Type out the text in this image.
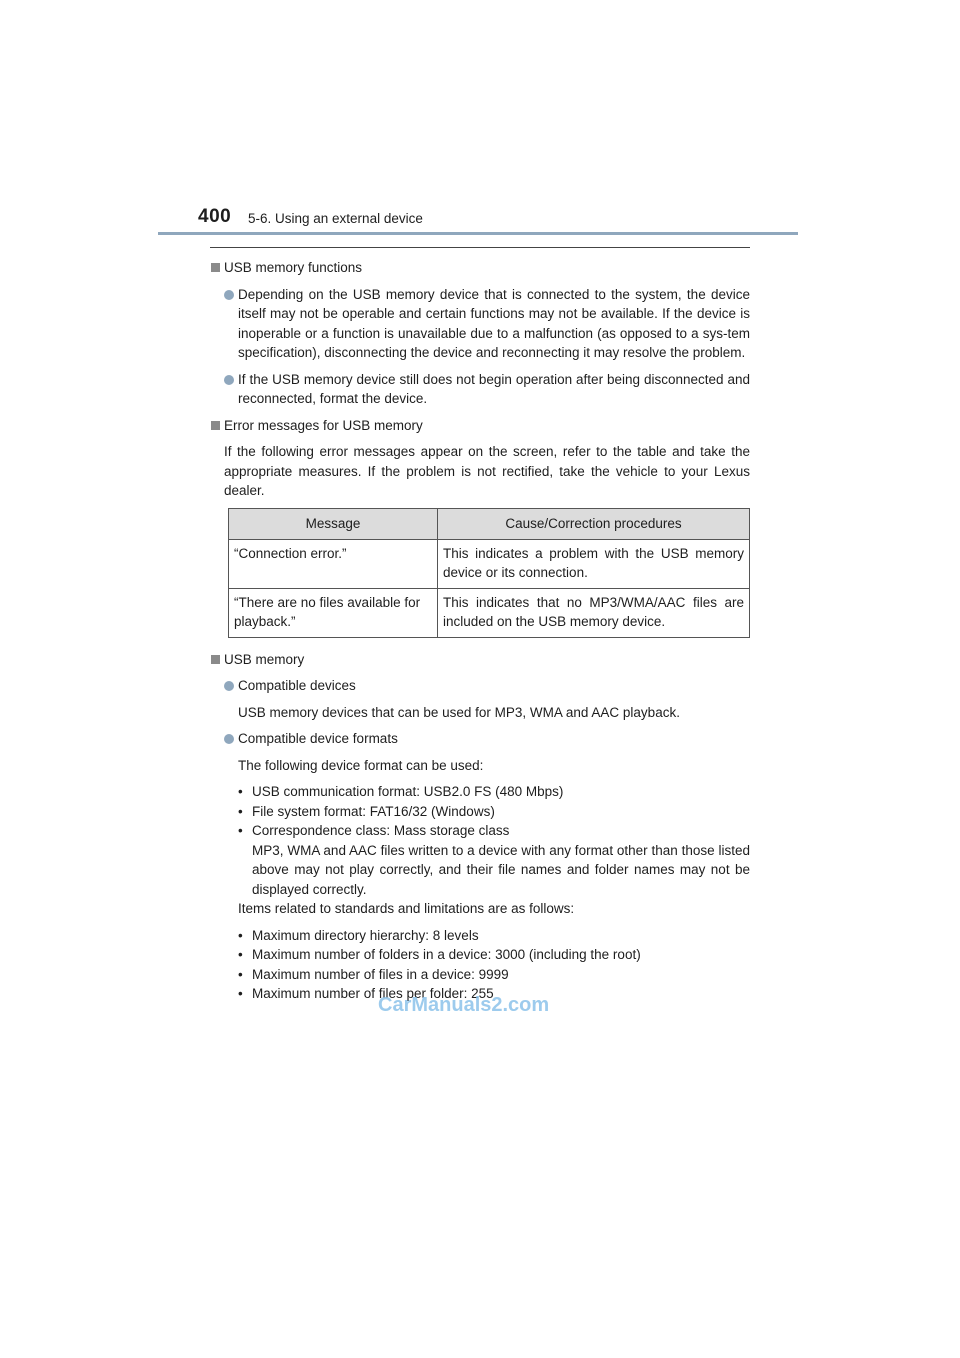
400 5-6. Using an external device
USB memory functions
Depending on the USB memory device that is connected to the system, the device itself may not be operable and certain functions may not be available. If the device is inoperable or a function is unavailable due to a malfunction (as opposed to a sys-tem specification), disconnecting the device and reconnecting it may resolve the problem.
If the USB memory device still does not begin operation after being disconnected and reconnected, format the device.
Error messages for USB memory
If the following error messages appear on the screen, refer to the table and take the appropriate measures. If the problem is not rectified, take the vehicle to your Lexus dealer.
Message	Cause/Correction procedures
“Connection error.”	This indicates a problem with the USB memory device or its connection.
“There are no files available for playback.”	This indicates that no MP3/WMA/AAC files are included on the USB memory device.
USB memory
Compatible devices
USB memory devices that can be used for MP3, WMA and AAC playback.
Compatible device formats
The following device format can be used:
• USB communication format: USB2.0 FS (480 Mbps)
• File system format: FAT16/32 (Windows)
• Correspondence class: Mass storage class
MP3, WMA and AAC files written to a device with any format other than those listed above may not play correctly, and their file names and folder names may not be displayed correctly.
Items related to standards and limitations are as follows:
• Maximum directory hierarchy: 8 levels
• Maximum number of folders in a device: 3000 (including the root)
• Maximum number of files in a device: 9999
• Maximum number of files per folder: 255
CarManuals2.com
